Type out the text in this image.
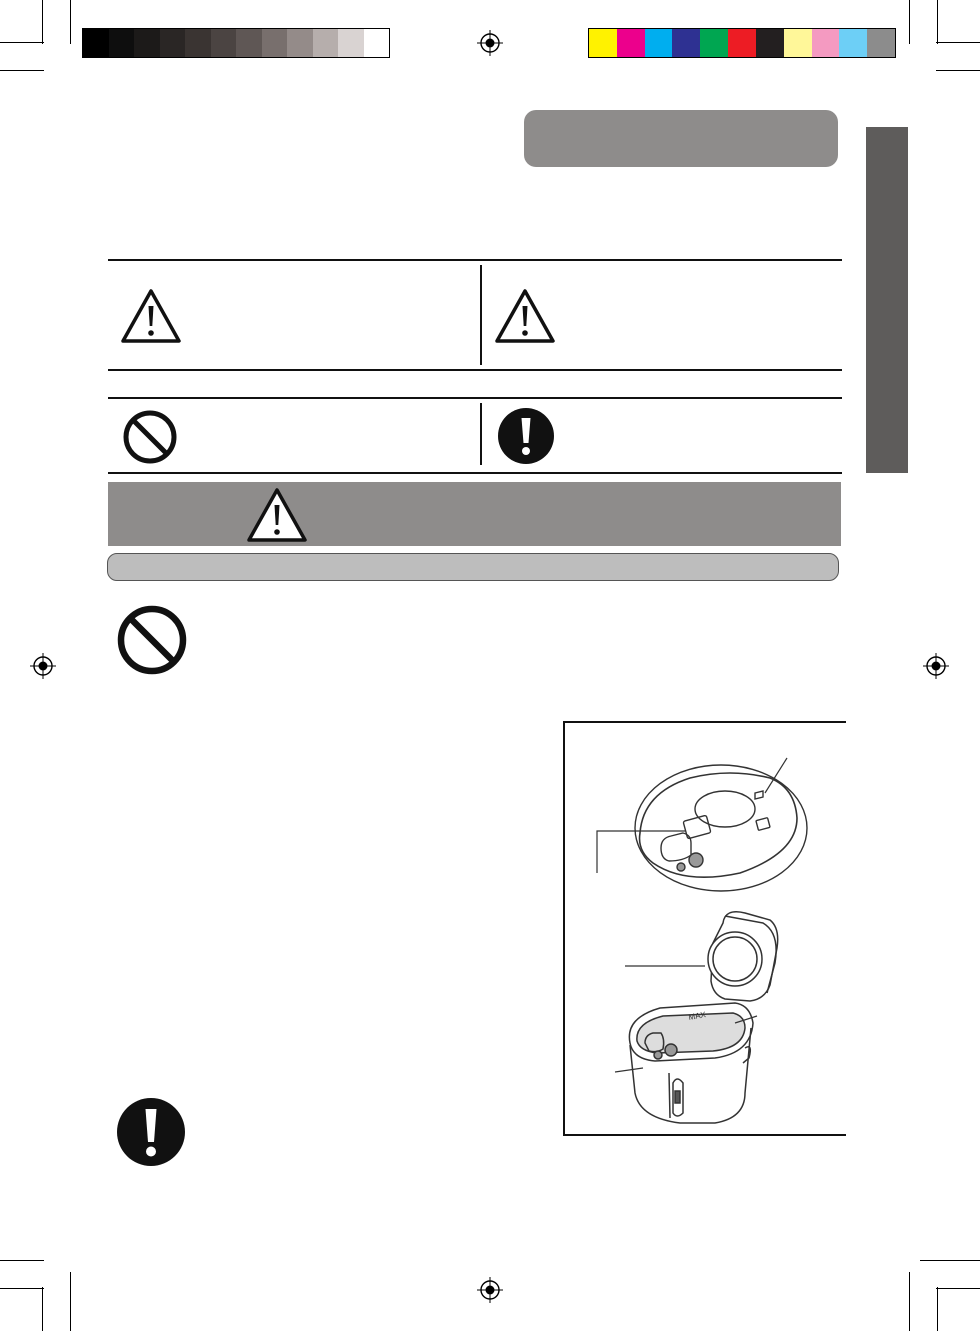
MAX
